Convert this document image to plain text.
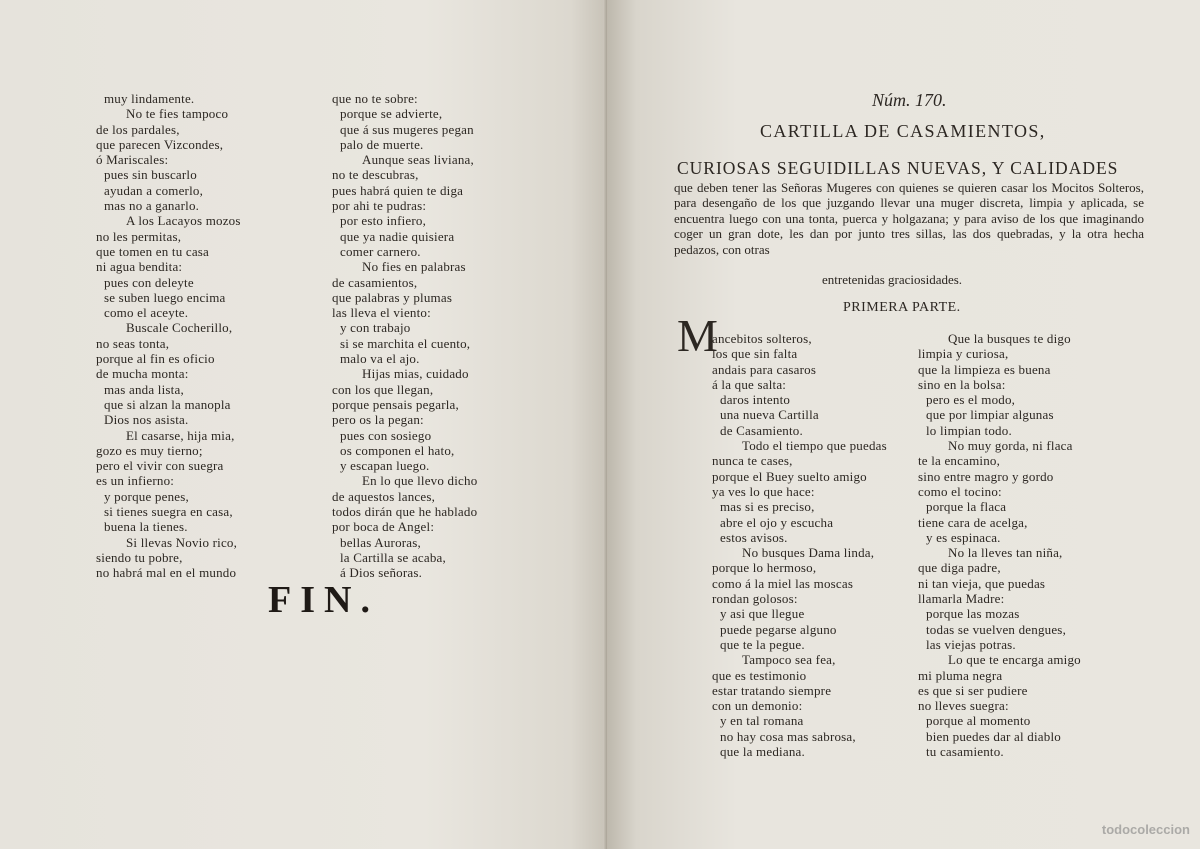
muy lindamente.
No te fies tampoco
de los pardales,
que parecen Vizcondes,
ó Mariscales:
pues sin buscarlo
ayudan a comerlo,
mas no a ganarlo.
A los Lacayos mozos
no les permitas,
que tomen en tu casa
ni agua bendita:
pues con deleyte
se suben luego encima
como el aceyte.
Buscale Cocherillo,
no seas tonta,
porque al fin es oficio
de mucha monta:
mas anda lista,
que si alzan la manopla
Dios nos asista.
El casarse, hija mia,
gozo es muy tierno;
pero el vivir con suegra
es un infierno:
y porque penes,
si tienes suegra en casa,
buena la tienes.
Si llevas Novio rico,
siendo tu pobre,
no habrá mal en el mundo
que no te sobre:
porque se advierte,
que á sus mugeres pegan
palo de muerte.
Aunque seas liviana,
no te descubras,
pues habrá quien te diga
por ahi te pudras:
por esto infiero,
que ya nadie quisiera
comer carnero.
No fies en palabras
de casamientos,
que palabras y plumas
las lleva el viento:
y con trabajo
si se marchita el cuento,
malo va el ajo.
Hijas mias, cuidado
con los que llegan,
porque pensais pegarla,
pero os la pegan:
pues con sosiego
os componen el hato,
y escapan luego.
En lo que llevo dicho
de aquestos lances,
todos dirán que he hablado
por boca de Angel:
bellas Auroras,
la Cartilla se acaba,
á Dios señoras.
FIN.
Núm. 170.
CARTILLA DE CASAMIENTOS,
CURIOSAS SEGUIDILLAS NUEVAS, Y CALIDADES
que deben tener las Señoras Mugeres con quienes se quieren casar los Mocitos Solteros, para desengaño de los que juzgando llevar una muger discreta, limpia y aplicada, se encuentra luego con una tonta, puerca y holgazana; y para aviso de los que imaginando coger un gran dote, les dan por junto tres sillas, las dos quebradas, y la otra hecha pedazos, con otras
entretenidas graciosidades.
PRIMERA PARTE.
M
ancebitos solteros,
los que sin falta
andais para casaros
á la que salta:
daros intento
una nueva Cartilla
de Casamiento.
Todo el tiempo que puedas
nunca te cases,
porque el Buey suelto amigo
ya ves lo que hace:
mas si es preciso,
abre el ojo y escucha
estos avisos.
No busques Dama linda,
porque lo hermoso,
como á la miel las moscas
rondan golosos:
y asi que llegue
puede pegarse alguno
que te la pegue.
Tampoco sea fea,
que es testimonio
estar tratando siempre
con un demonio:
y en tal romana
no hay cosa mas sabrosa,
que la mediana.
Que la busques te digo
limpia y curiosa,
que la limpieza es buena
sino en la bolsa:
pero es el modo,
que por limpiar algunas
lo limpian todo.
No muy gorda, ni flaca
te la encamino,
sino entre magro y gordo
como el tocino:
porque la flaca
tiene cara de acelga,
y es espinaca.
No la lleves tan niña,
que diga padre,
ni tan vieja, que puedas
llamarla Madre:
porque las mozas
todas se vuelven dengues,
las viejas potras.
Lo que te encarga amigo
mi pluma negra
es que si ser pudiere
no lleves suegra:
porque al momento
bien puedes dar al diablo
tu casamiento.
todocoleccion
